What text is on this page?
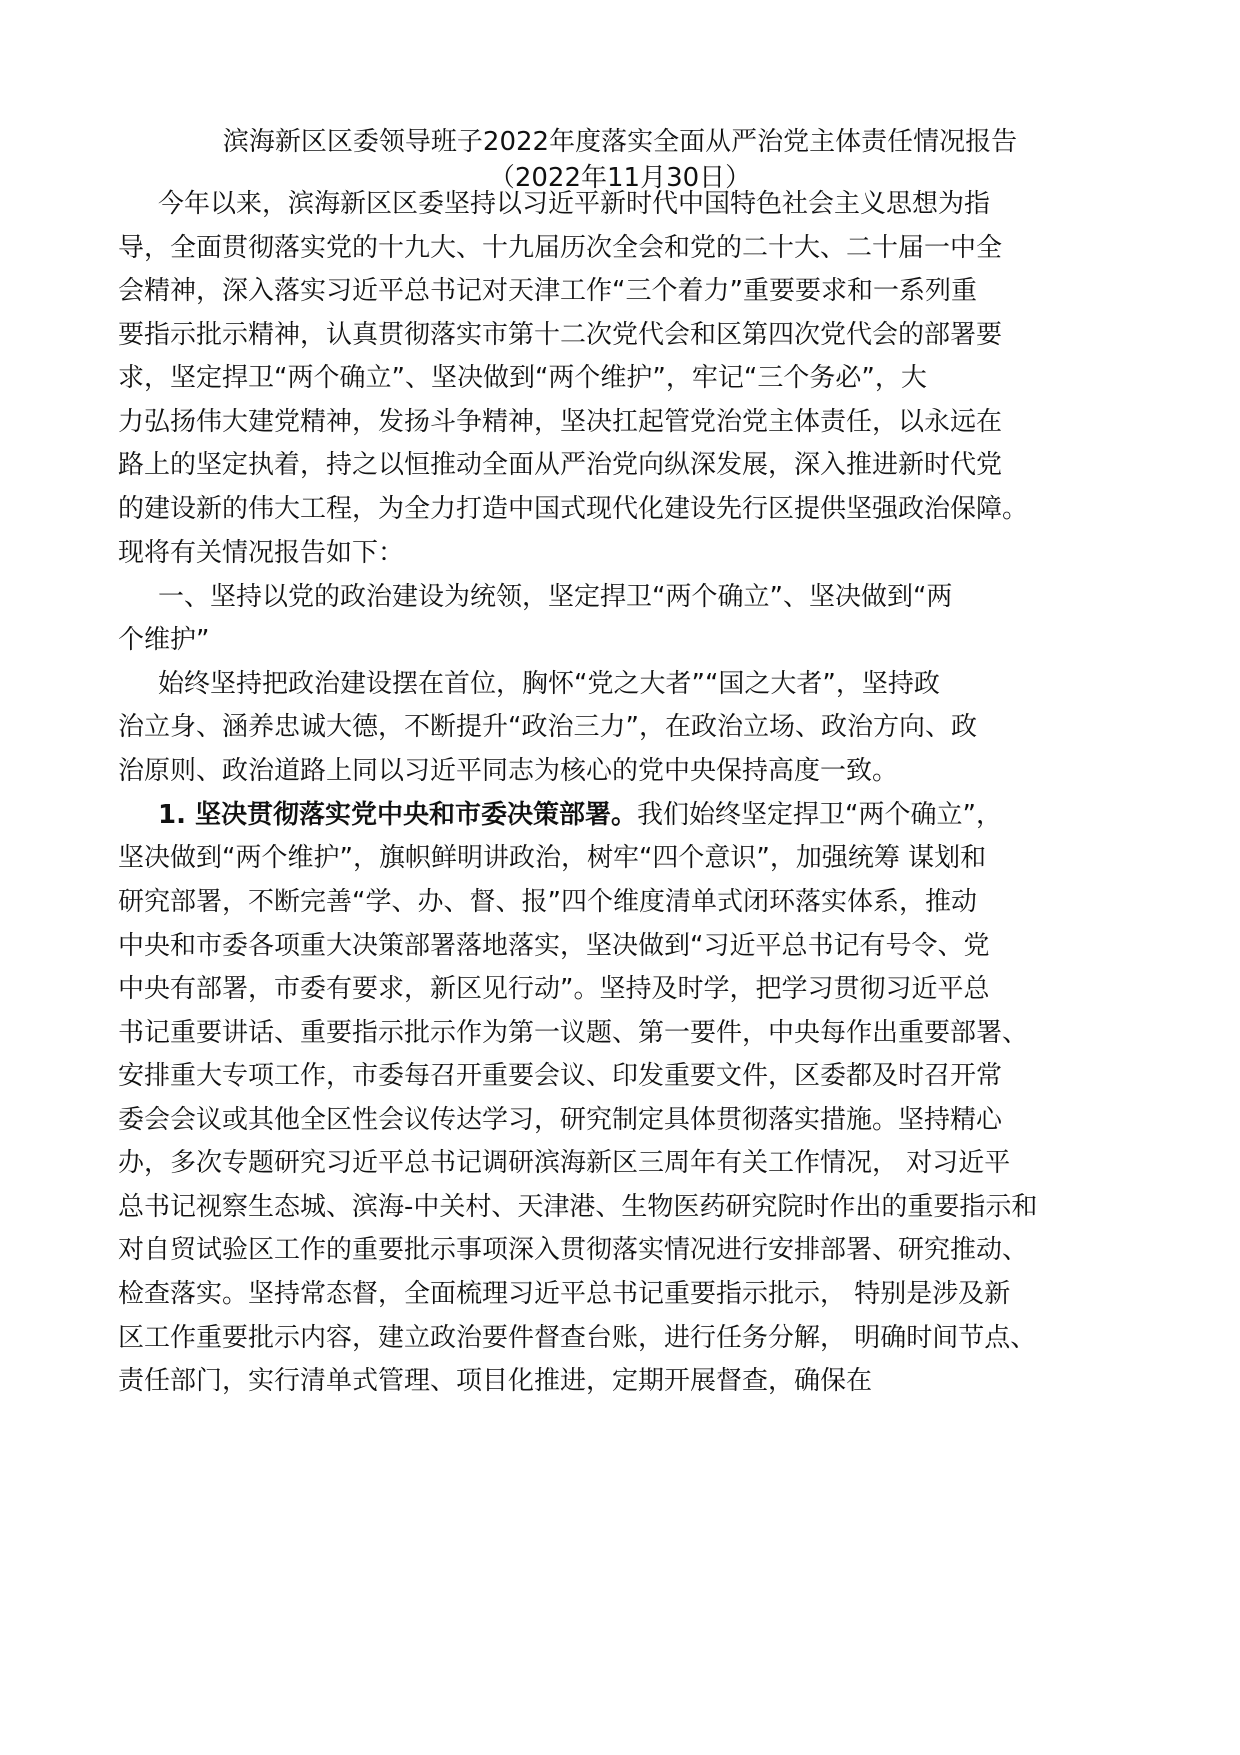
滨海新区区委领导班子2022年度落实全面从严治党主体责任情况报告
（2022年11月30日）
今年以来，滨海新区区委坚持以习近平新时代中国特色社会主义思想为指
导，全面贯彻落实党的十九大、十九届历次全会和党的二十大、二十届一中全
会精神，深入落实习近平总书记对天津工作“三个着力”重要要求和一系列重
要指示批示精神，认真贯彻落实市第十二次党代会和区第四次党代会的部署要
求，坚定捍卫“两个确立”、坚决做到“两个维护”，牢记“三个务必”，大
力弘扬伟大建党精神，发扬斗争精神，坚决扛起管党治党主体责任，以永远在
路上的坚定执着，持之以恒推动全面从严治党向纵深发展，深入推进新时代党
的建设新的伟大工程，为全力打造中国式现代化建设先行区提供坚强政治保障。
现将有关情况报告如下：
一、坚持以党的政治建设为统领，坚定捍卫“两个确立”、坚决做到“两
个维护”
始终坚持把政治建设摆在首位，胸怀“党之大者”“国之大者”，坚持政
治立身、涵养忠诚大德，不断提升“政治三力”，在政治立场、政治方向、政
治原则、政治道路上同以习近平同志为核心的党中央保持高度一致。
1. 坚决贯彻落实党中央和市委决策部署。我们始终坚定捍卫“两个确立”，
坚决做到“两个维护”，旗帜鲜明讲政治，树牢“四个意识”，加强统筹 谋划和
研究部署，不断完善“学、办、督、报”四个维度清单式闭环落实体系，推动
中央和市委各项重大决策部署落地落实，坚决做到“习近平总书记有号令、党
中央有部署，市委有要求，新区见行动”。坚持及时学，把学习贯彻习近平总
书记重要讲话、重要指示批示作为第一议题、第一要件，中央每作出重要部署、
安排重大专项工作，市委每召开重要会议、印发重要文件，区委都及时召开常
委会会议或其他全区性会议传达学习，研究制定具体贯彻落实措施。坚持精心
办，多次专题研究习近平总书记调研滨海新区三周年有关工作情况， 对习近平
总书记视察生态城、滨海-中关村、天津港、生物医药研究院时作出的重要指示和
对自贸试验区工作的重要批示事项深入贯彻落实情况进行安排部署、研究推动、
检查落实。坚持常态督，全面梳理习近平总书记重要指示批示， 特别是涉及新
区工作重要批示内容，建立政治要件督查台账，进行任务分解， 明确时间节点、
责任部门，实行清单式管理、项目化推进，定期开展督查，确保在
